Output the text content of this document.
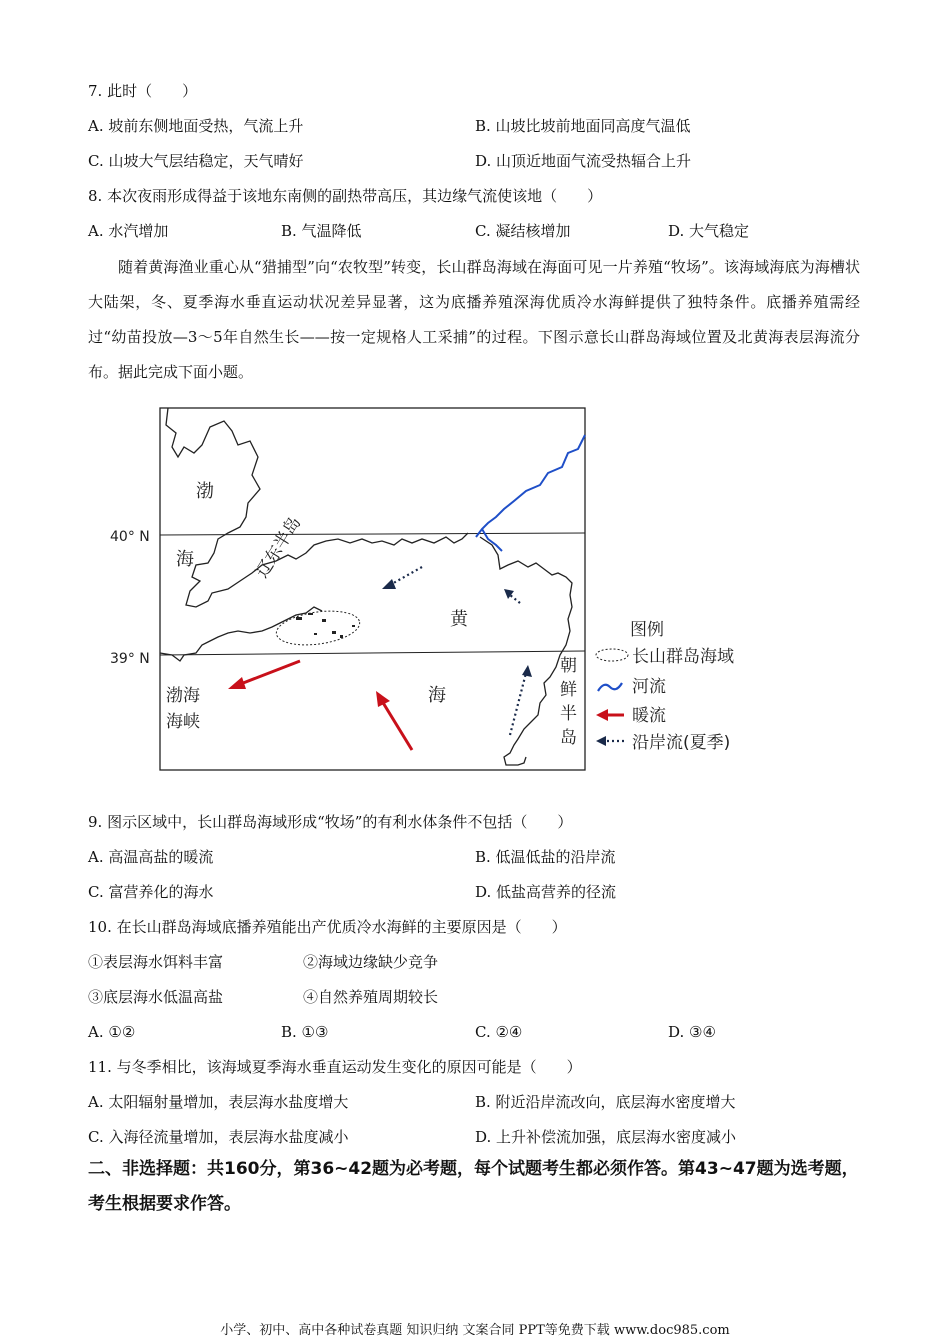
7. 此时（　　）
A. 坡前东侧地面受热，气流上升	B. 山坡比坡前地面同高度气温低
C. 山坡大气层结稳定，天气晴好	D. 山顶近地面气流受热辐合上升
8. 本次夜雨形成得益于该地东南侧的副热带高压，其边缘气流使该地（　　）
A. 水汽增加	B. 气温降低	C. 凝结核增加	D. 大气稳定
随着黄海渔业重心从“猎捕型”向“农牧型”转变，长山群岛海域在海面可见一片养殖“牧场”。该海域海底为海槽状大陆架，冬、夏季海水垂直运动状况差异显著，这为底播养殖深海优质冷水海鲜提供了独特条件。底播养殖需经过“幼苗投放—3～5年自然生长——按一定规格人工采捕”的过程。下图示意长山群岛海域位置及北黄海表层海流分布。据此完成下面小题。
40° N
39° N
渤
海	辽东半岛
黄
海
渤海
海峡
朝
鲜
半
岛
图例
长山群岛海域
河流
暖流
沿岸流(夏季)
9. 图示区域中，长山群岛海域形成“牧场”的有利水体条件不包括（　　）
A. 高温高盐的暖流	B. 低温低盐的沿岸流
C. 富营养化的海水	D. 低盐高营养的径流
10. 在长山群岛海域底播养殖能出产优质冷水海鲜的主要原因是（　　）
①表层海水饵料丰富	②海域边缘缺少竞争
③底层海水低温高盐	④自然养殖周期较长
A. ①②	B. ①③	C. ②④	D. ③④
11. 与冬季相比，该海域夏季海水垂直运动发生变化的原因可能是（　　）
A. 太阳辐射量增加，表层海水盐度增大	B. 附近沿岸流改向，底层海水密度增大
C. 入海径流量增加，表层海水盐度减小	D. 上升补偿流加强，底层海水密度减小
二、非选择题：共160分，第36~42题为必考题，每个试题考生都必须作答。第43~47题为选考题，考生根据要求作答。
小学、初中、高中各种试卷真题 知识归纳 文案合同 PPT等免费下载 www.doc985.com
